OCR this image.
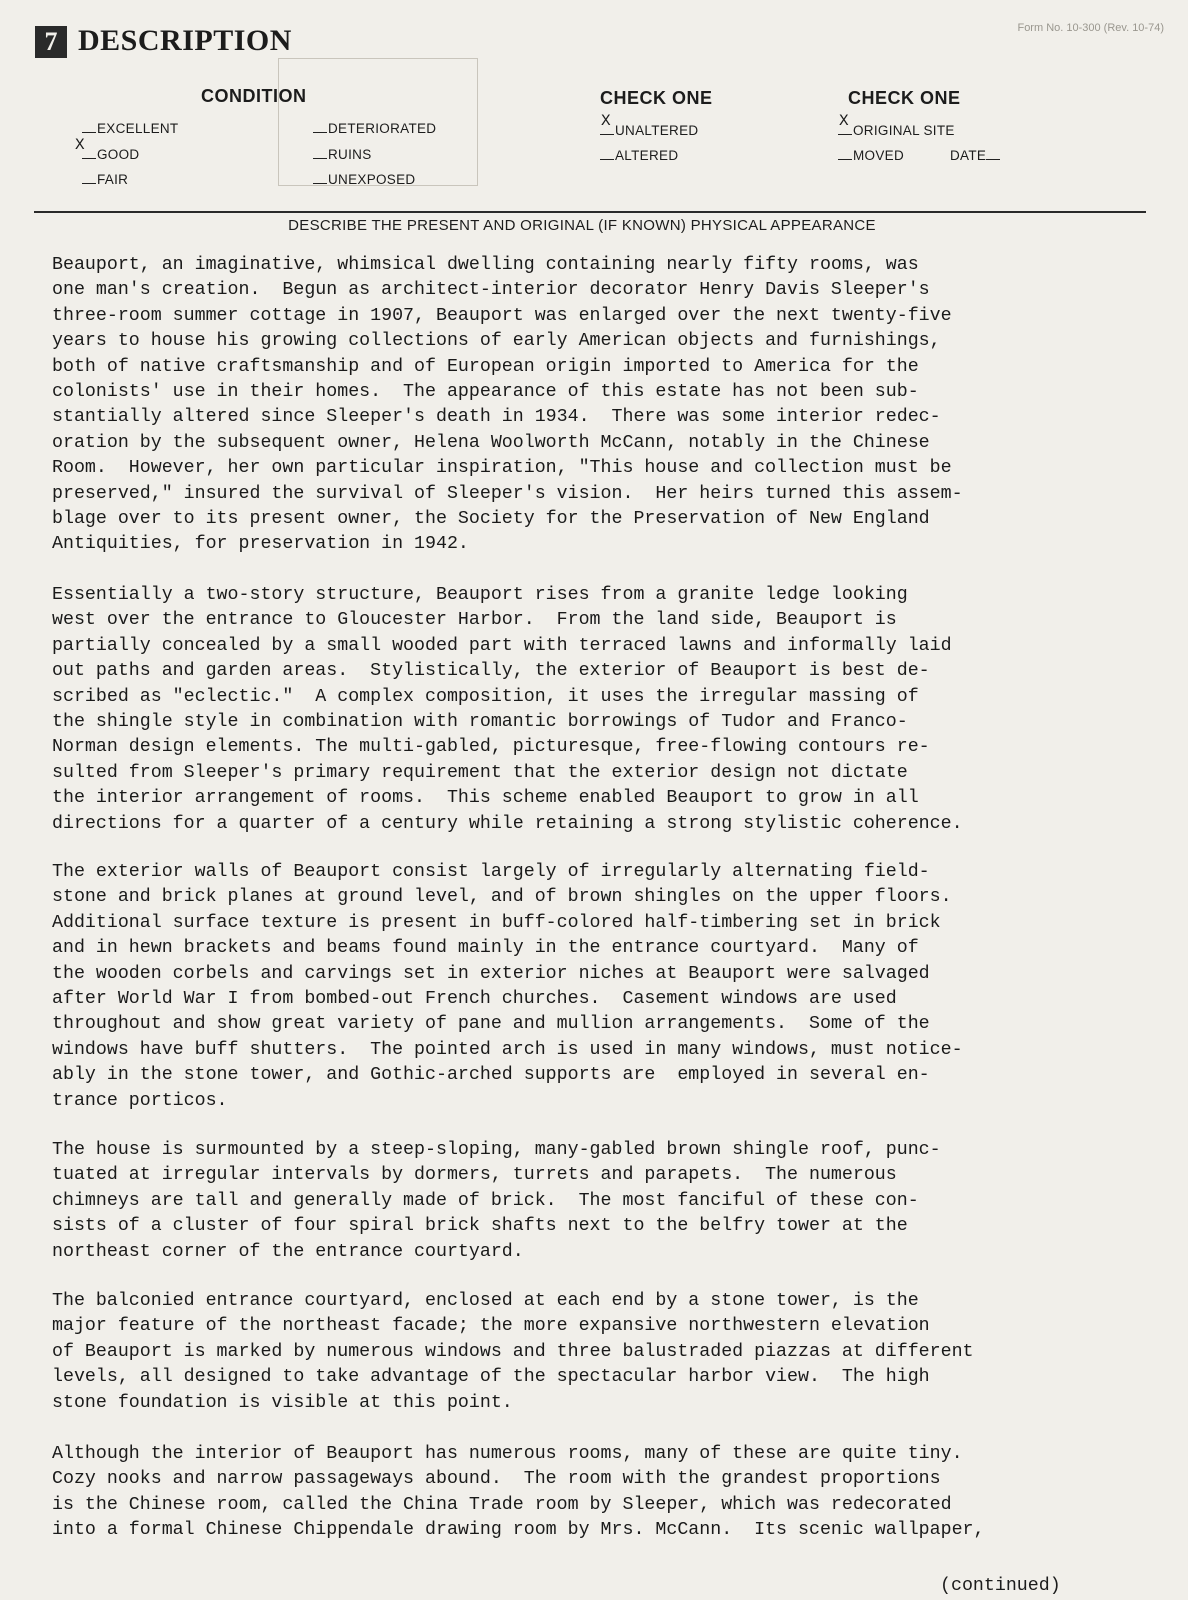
Form No. 10-300 (Rev. 10-74)
7 DESCRIPTION
CONDITION
EXCELLENT
X
GOOD
FAIR
DETERIORATED
RUINS
UNEXPOSED
CHECK ONE
X
UNALTERED
ALTERED
CHECK ONE
X
ORIGINAL SITE
MOVED	DATE
DESCRIBE THE PRESENT AND ORIGINAL (IF KNOWN) PHYSICAL APPEARANCE
Beauport, an imaginative, whimsical dwelling containing nearly fifty rooms, was
one man's creation.  Begun as architect-interior decorator Henry Davis Sleeper's
three-room summer cottage in 1907, Beauport was enlarged over the next twenty-five
years to house his growing collections of early American objects and furnishings,
both of native craftsmanship and of European origin imported to America for the
colonists' use in their homes.  The appearance of this estate has not been sub-
stantially altered since Sleeper's death in 1934.  There was some interior redec-
oration by the subsequent owner, Helena Woolworth McCann, notably in the Chinese
Room.  However, her own particular inspiration, "This house and collection must be
preserved," insured the survival of Sleeper's vision.  Her heirs turned this assem-
blage over to its present owner, the Society for the Preservation of New England
Antiquities, for preservation in 1942.
Essentially a two-story structure, Beauport rises from a granite ledge looking
west over the entrance to Gloucester Harbor.  From the land side, Beauport is
partially concealed by a small wooded part with terraced lawns and informally laid
out paths and garden areas.  Stylistically, the exterior of Beauport is best de-
scribed as "eclectic."  A complex composition, it uses the irregular massing of
the shingle style in combination with romantic borrowings of Tudor and Franco-
Norman design elements. The multi-gabled, picturesque, free-flowing contours re-
sulted from Sleeper's primary requirement that the exterior design not dictate
the interior arrangement of rooms.  This scheme enabled Beauport to grow in all
directions for a quarter of a century while retaining a strong stylistic coherence.
The exterior walls of Beauport consist largely of irregularly alternating field-
stone and brick planes at ground level, and of brown shingles on the upper floors.
Additional surface texture is present in buff-colored half-timbering set in brick
and in hewn brackets and beams found mainly in the entrance courtyard.  Many of
the wooden corbels and carvings set in exterior niches at Beauport were salvaged
after World War I from bombed-out French churches.  Casement windows are used
throughout and show great variety of pane and mullion arrangements.  Some of the
windows have buff shutters.  The pointed arch is used in many windows, must notice-
ably in the stone tower, and Gothic-arched supports are  employed in several en-
trance porticos.
The house is surmounted by a steep-sloping, many-gabled brown shingle roof, punc-
tuated at irregular intervals by dormers, turrets and parapets.  The numerous
chimneys are tall and generally made of brick.  The most fanciful of these con-
sists of a cluster of four spiral brick shafts next to the belfry tower at the
northeast corner of the entrance courtyard.
The balconied entrance courtyard, enclosed at each end by a stone tower, is the
major feature of the northeast facade; the more expansive northwestern elevation
of Beauport is marked by numerous windows and three balustraded piazzas at different
levels, all designed to take advantage of the spectacular harbor view.  The high
stone foundation is visible at this point.
Although the interior of Beauport has numerous rooms, many of these are quite tiny.
Cozy nooks and narrow passageways abound.  The room with the grandest proportions
is the Chinese room, called the China Trade room by Sleeper, which was redecorated
into a formal Chinese Chippendale drawing room by Mrs. McCann.  Its scenic wallpaper,
(continued)
